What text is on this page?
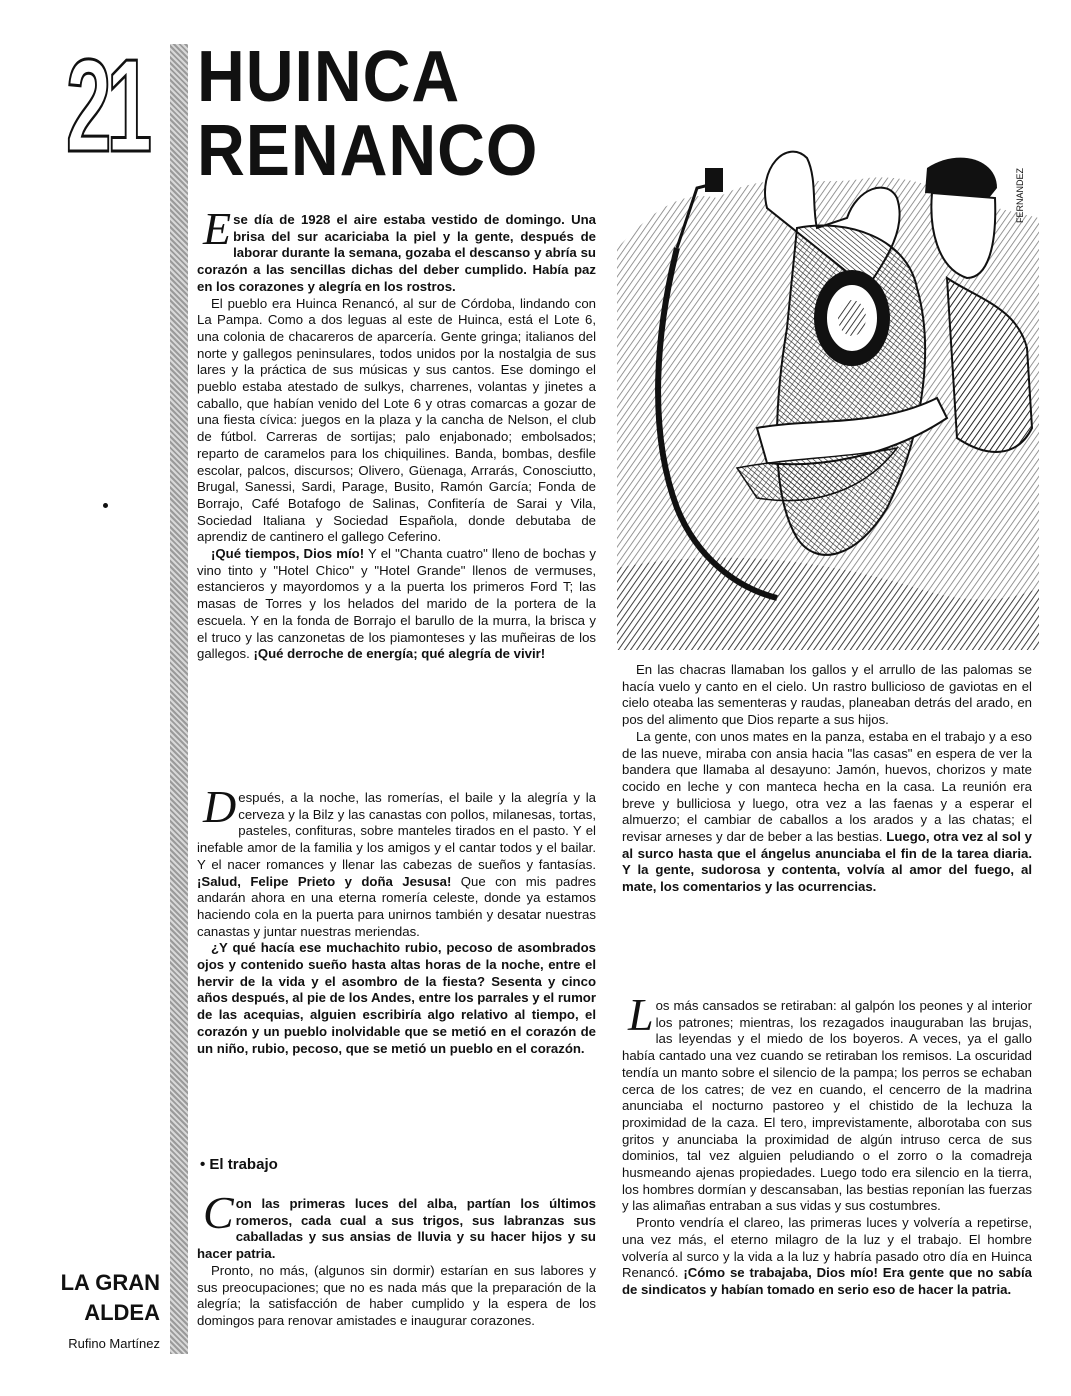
21 HUINCA
RENANCO

Ese día de 1928 el aire estaba vestido de domingo. Una brisa del sur acariciaba la piel y la gente, después de laborar durante la semana, gozaba el descanso y abría su corazón a las sencillas dichas del deber cumplido. Había paz en los corazones y alegría en los rostros.

El pueblo era Huinca Renancó, al sur de Córdoba, lindando con La Pampa. Como a dos leguas al este de Huinca, está el Lote 6, una colonia de chacareros de aparcería. Gente gringa; italianos del norte y gallegos peninsulares, todos unidos por la nostalgia de sus lares y la práctica de sus músicas y sus cantos. Ese domingo el pueblo estaba atestado de sulkys, charrenes, volantas y jinetes a caballo, que habían venido del Lote 6 y otras comarcas a gozar de una fiesta cívica: juegos en la plaza y la cancha de Nelson, el club de fútbol. Carreras de sortijas; palo enjabonado; embolsados; reparto de caramelos para los chiquilines. Banda, bombas, desfile escolar, palcos, discursos; Olivero, Güenaga, Arrarás, Conosciutto, Brugal, Sanessi, Sardi, Parage, Busito, Ramón García; Fonda de Borrajo, Café Botafogo de Salinas, Confitería de Sarai y Vila, Sociedad Italiana y Sociedad Española, donde debutaba de aprendiz de cantinero el gallego Ceferino.

¡Qué tiempos, Dios mío! Y el "Chanta cuatro" lleno de bochas y vino tinto y "Hotel Chico" y "Hotel Grande" llenos de vermuses, estancieros y mayordomos y a la puerta los primeros Ford T; las masas de Torres y los helados del marido de la portera de la escuela. Y en la fonda de Borrajo el barullo de la murra, la brisca y el truco y las canzonetas de los piamonteses y las muñeiras de los gallegos. ¡Qué derroche de energía; qué alegría de vivir!

Después, a la noche, las romerías, el baile y la alegría y la cerveza y la Bilz y las canastas con pollos, milanesas, tortas, pasteles, confituras, sobre manteles tirados en el pasto. Y el inefable amor de la familia y los amigos y el cantar todos y el bailar. Y el nacer romances y llenar las cabezas de sueños y fantasías. ¡Salud, Felipe Prieto y doña Jesusa! Que con mis padres andarán ahora en una eterna romería celeste, donde ya estamos haciendo cola en la puerta para unirnos también y desatar nuestras canastas y juntar nuestras meriendas.

¿Y qué hacía ese muchachito rubio, pecoso de asombrados ojos y contenido sueño hasta altas horas de la noche, entre el hervir de la vida y el asombro de la fiesta? Sesenta y cinco años después, al pie de los Andes, entre los parrales y el rumor de las acequias, alguien escribiría algo relativo al tiempo, el corazón y un pueblo inolvidable que se metió en el corazón de un niño, rubio, pecoso, que se metió un pueblo en el corazón.

• El trabajo

Con las primeras luces del alba, partían los últimos romeros, cada cual a sus trigos, sus labranzas sus caballadas y sus ansias de lluvia y su hacer hijos y su hacer patria.

Pronto, no más, (algunos sin dormir) estarían en sus labores y sus preocupaciones; que no es nada más que la preparación de la alegría; la satisfacción de haber cumplido y la espera de los domingos para renovar amistades e inaugurar corazones.

FERNANDEZ

En las chacras llamaban los gallos y el arrullo de las palomas se hacía vuelo y canto en el cielo. Un rastro bullicioso de gaviotas en el cielo oteaba las sementeras y raudas, planeaban detrás del arado, en pos del alimento que Dios reparte a sus hijos.

La gente, con unos mates en la panza, estaba en el trabajo y a eso de las nueve, miraba con ansia hacia "las casas" en espera de ver la bandera que llamaba al desayuno: Jamón, huevos, chorizos y mate cocido en leche y con manteca hecha en la casa. La reunión era breve y bulliciosa y luego, otra vez a las faenas y a esperar el almuerzo; el cambiar de caballos a los arados y a las chatas; el revisar arneses y dar de beber a las bestias. Luego, otra vez al sol y al surco hasta que el ángelus anunciaba el fin de la tarea diaria. Y la gente, sudorosa y contenta, volvía al amor del fuego, al mate, los comentarios y las ocurrencias.

Los más cansados se retiraban: al galpón los peones y al interior los patrones; mientras, los rezagados inauguraban las brujas, las leyendas y el miedo de los boyeros. A veces, ya el gallo había cantado una vez cuando se retiraban los remisos. La oscuridad tendía un manto sobre el silencio de la pampa; los perros se echaban cerca de los catres; de vez en cuando, el cencerro de la madrina anunciaba el nocturno pastoreo y el chistido de la lechuza la proximidad de la caza. El tero, imprevistamente, alborotaba con sus gritos y anunciaba la proximidad de algún intruso cerca de sus dominios, tal vez alguien peludiando o el zorro o la comadreja husmeando ajenas propiedades. Luego todo era silencio en la tierra, los hombres dormían y descansaban, las bestias reponían las fuerzas y las alimañas entraban a sus vidas y sus costumbres.

Pronto vendría el clareo, las primeras luces y volvería a repetirse, una vez más, el eterno milagro de la luz y el trabajo. El hombre volvería al surco y la vida a la luz y habría pasado otro día en Huinca Renancó. ¡Cómo se trabajaba, Dios mío! Era gente que no sabía de sindicatos y habían tomado en serio eso de hacer la patria.

LA GRAN
ALDEA
Rufino Martínez
